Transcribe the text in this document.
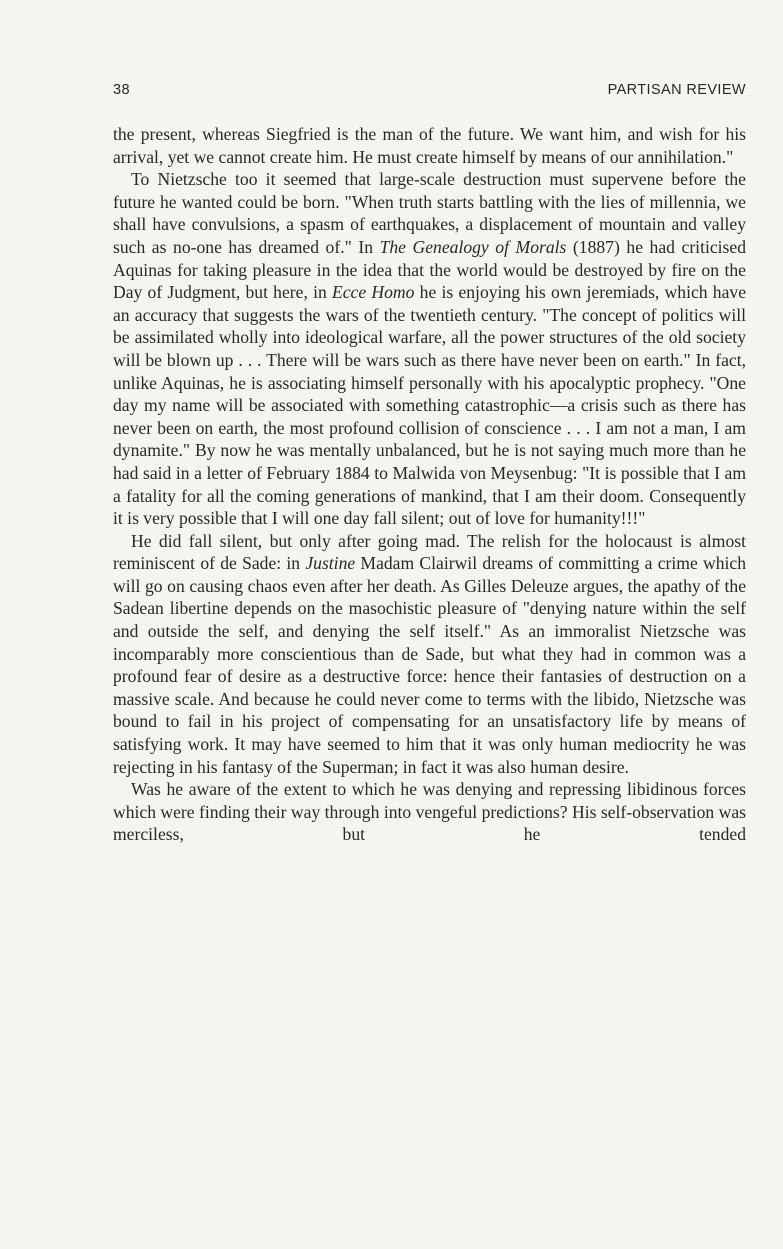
38	PARTISAN REVIEW

the present, whereas Siegfried is the man of the future. We want him, and wish for his arrival, yet we cannot create him. He must create himself by means of our annihilation."

To Nietzsche too it seemed that large-scale destruction must supervene before the future he wanted could be born. "When truth starts battling with the lies of millennia, we shall have convulsions, a spasm of earthquakes, a displacement of mountain and valley such as no-one has dreamed of." In The Genealogy of Morals (1887) he had criticised Aquinas for taking pleasure in the idea that the world would be destroyed by fire on the Day of Judgment, but here, in Ecce Homo he is enjoying his own jeremiads, which have an accuracy that suggests the wars of the twentieth century. "The concept of politics will be assimilated wholly into ideological warfare, all the power structures of the old society will be blown up . . . There will be wars such as there have never been on earth." In fact, unlike Aquinas, he is associating himself personally with his apocalyptic prophecy. "One day my name will be associated with something catastrophic—a crisis such as there has never been on earth, the most profound collision of conscience . . . I am not a man, I am dynamite." By now he was mentally unbalanced, but he is not saying much more than he had said in a letter of February 1884 to Malwida von Meysenbug: "It is possible that I am a fatality for all the coming generations of mankind, that I am their doom. Consequently it is very possible that I will one day fall silent; out of love for humanity!!!"

He did fall silent, but only after going mad. The relish for the holocaust is almost reminiscent of de Sade: in Justine Madam Clairwil dreams of committing a crime which will go on causing chaos even after her death. As Gilles Deleuze argues, the apathy of the Sadean libertine depends on the masochistic pleasure of "denying nature within the self and outside the self, and denying the self itself." As an immoralist Nietzsche was incomparably more conscientious than de Sade, but what they had in common was a profound fear of desire as a destructive force: hence their fantasies of destruction on a massive scale. And because he could never come to terms with the libido, Nietzsche was bound to fail in his project of compensating for an unsatisfactory life by means of satisfying work. It may have seemed to him that it was only human mediocrity he was rejecting in his fantasy of the Superman; in fact it was also human desire.

Was he aware of the extent to which he was denying and repressing libidinous forces which were finding their way through into vengeful predictions? His self-observation was merciless, but he tended
